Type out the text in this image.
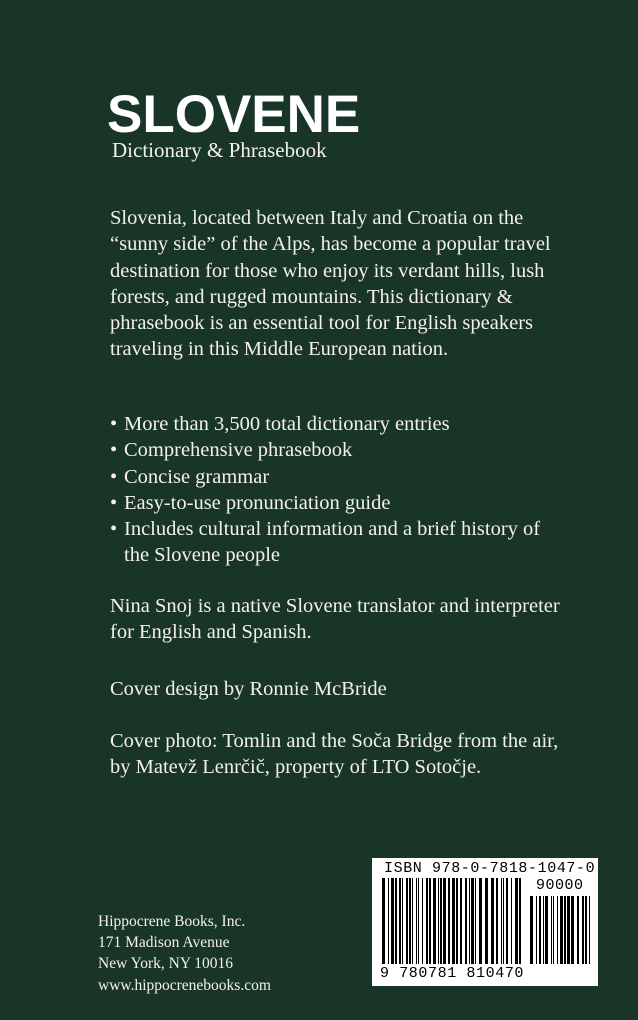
SLOVENE
Dictionary & Phrasebook

Slovenia, located between Italy and Croatia on the “sunny side” of the Alps, has become a popular travel destination for those who enjoy its verdant hills, lush forests, and rugged mountains. This dictionary & phrasebook is an essential tool for English speakers traveling in this Middle European nation.

• More than 3,500 total dictionary entries
• Comprehensive phrasebook
• Concise grammar
• Easy-to-use pronunciation guide
• Includes cultural information and a brief history of the Slovene people

Nina Snoj is a native Slovene translator and interpreter for English and Spanish.

Cover design by Ronnie McBride

Cover photo: Tomlin and the Soča Bridge from the air, by Matevž Lenrčič, property of LTO Sotočje.

Hippocrene Books, Inc.
171 Madison Avenue
New York, NY 10016
www.hippocrenebooks.com
ISBN 978-0-7818-1047-0
90000
9 780781 810470
